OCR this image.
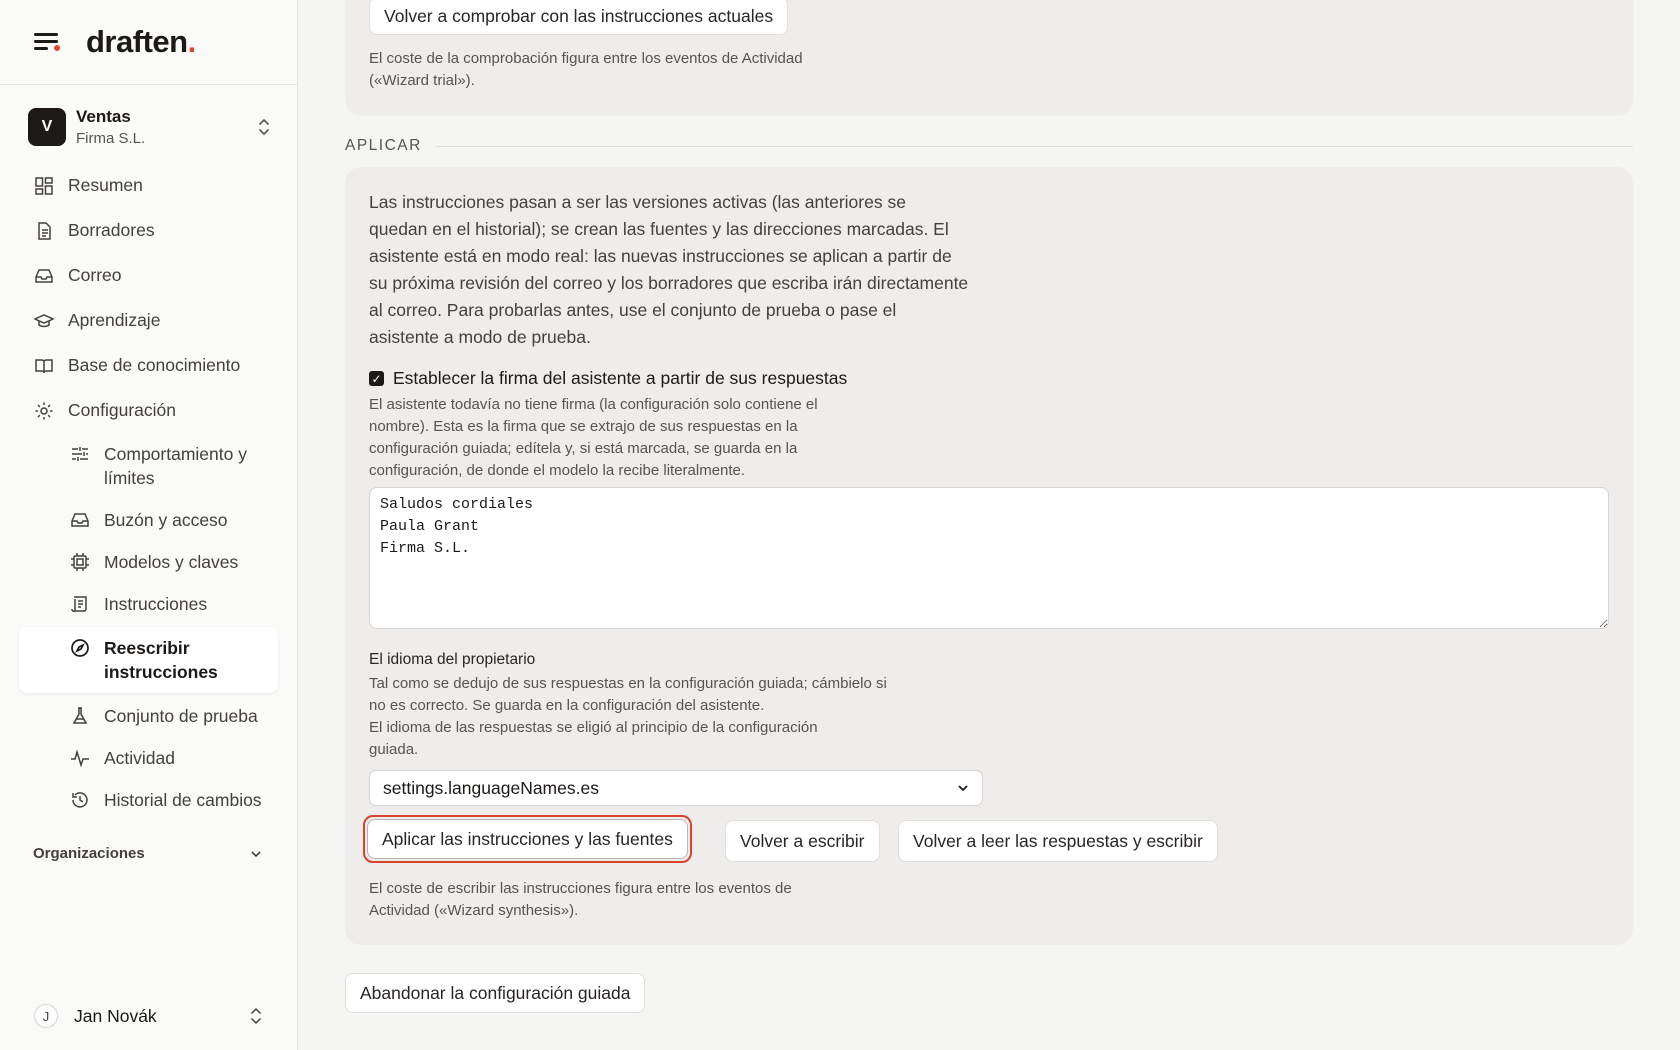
draften.
V
Ventas
Firma S.L.
Resumen
Borradores
Correo
Aprendizaje
Base de conocimiento
Configuración
Comportamiento y límites
Buzón y acceso
Modelos y claves
Instrucciones
Reescribir instrucciones
Conjunto de prueba
Actividad
Historial de cambios
Organizaciones
J	Jan Novák
Volver a comprobar con las instrucciones actuales
El coste de la comprobación figura entre los eventos de Actividad («Wizard trial»).
APLICAR

Las instrucciones pasan a ser las versiones activas (las anteriores se quedan en el historial); se crean las fuentes y las direcciones marcadas. El asistente está en modo real: las nuevas instrucciones se aplican a partir de su próxima revisión del correo y los borradores que escriba irán directamente al correo. Para probarlas antes, use el conjunto de prueba o pase el asistente a modo de prueba.

✓ Establecer la firma del asistente a partir de sus respuestas
El asistente todavía no tiene firma (la configuración solo contiene el nombre). Esta es la firma que se extrajo de sus respuestas en la configuración guiada; edítela y, si está marcada, se guarda en la configuración, de donde el modelo la recibe literalmente.
Saludos cordiales Paula Grant Firma S.L.
El idioma del propietario
Tal como se dedujo de sus respuestas en la configuración guiada; cámbielo si no es correcto. Se guarda en la configuración del asistente.
El idioma de las respuestas se eligió al principio de la configuración guiada.
settings.languageNames.es
Aplicar las instrucciones y las fuentes	Volver a escribir	Volver a leer las respuestas y escribir
El coste de escribir las instrucciones figura entre los eventos de Actividad («Wizard synthesis»).
Abandonar la configuración guiada
